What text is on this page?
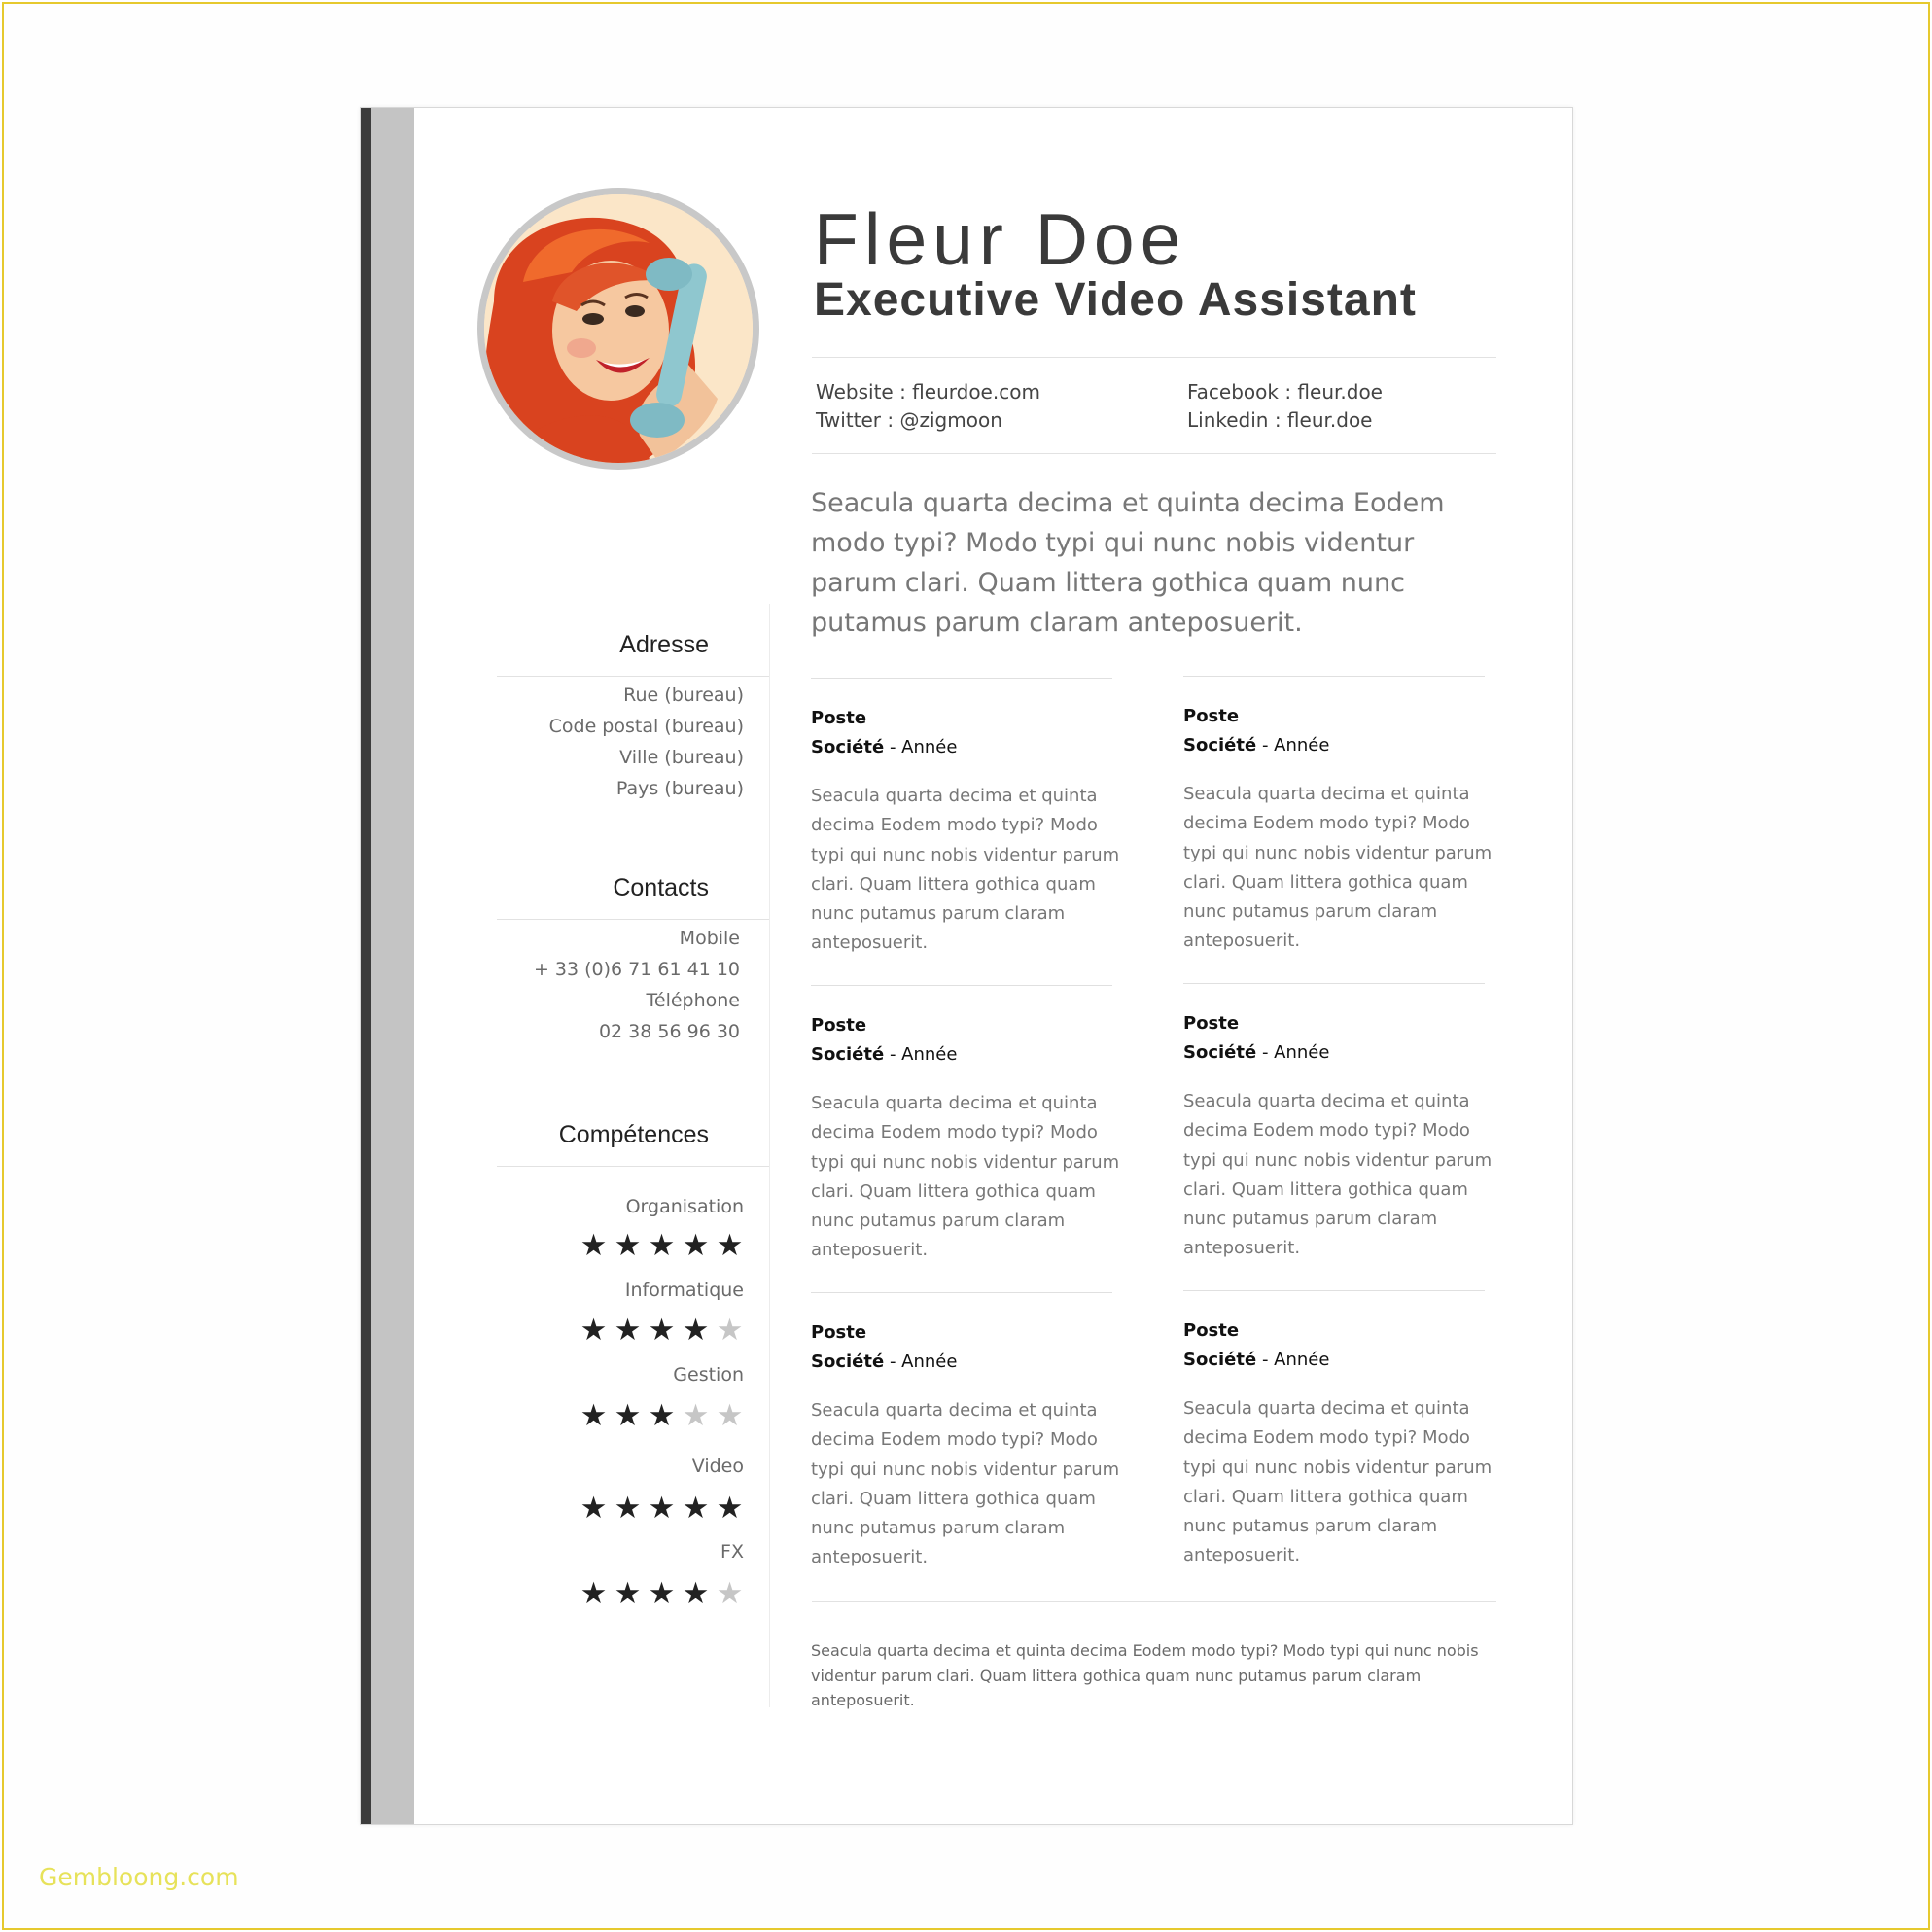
Fleur Doe
Executive Video Assistant
Website : fleurdoe.com
Twitter : @zigmoon
Facebook : fleur.doe
Linkedin : fleur.doe
Seacula quarta decima et quinta decima Eodem modo typi? Modo typi qui nunc nobis videntur parum clari. Quam littera gothica quam nunc putamus parum claram anteposuerit.
Adresse
Rue (bureau)
Code postal (bureau)
Ville (bureau)
Pays (bureau)
Contacts
Mobile
+ 33 (0)6 71 61 41 10
Téléphone
02 38 56 96 30
Compétences
Organisation
★ ★ ★ ★ ★
Informatique
★ ★ ★ ★ ★
Gestion
★ ★ ★ ★ ★
Video
★ ★ ★ ★ ★
FX
★ ★ ★ ★ ★
Poste
Société - Année
Seacula quarta decima et quinta decima Eodem modo typi? Modo typi qui nunc nobis videntur parum clari. Quam littera gothica quam nunc putamus parum claram anteposuerit.
Poste
Société - Année
Seacula quarta decima et quinta decima Eodem modo typi? Modo typi qui nunc nobis videntur parum clari. Quam littera gothica quam nunc putamus parum claram anteposuerit.
Poste
Société - Année
Seacula quarta decima et quinta decima Eodem modo typi? Modo typi qui nunc nobis videntur parum clari. Quam littera gothica quam nunc putamus parum claram anteposuerit.
Poste
Société - Année
Seacula quarta decima et quinta decima Eodem modo typi? Modo typi qui nunc nobis videntur parum clari. Quam littera gothica quam nunc putamus parum claram anteposuerit.
Poste
Société - Année
Seacula quarta decima et quinta decima Eodem modo typi? Modo typi qui nunc nobis videntur parum clari. Quam littera gothica quam nunc putamus parum claram anteposuerit.
Poste
Société - Année
Seacula quarta decima et quinta decima Eodem modo typi? Modo typi qui nunc nobis videntur parum clari. Quam littera gothica quam nunc putamus parum claram anteposuerit.
Seacula quarta decima et quinta decima Eodem modo typi? Modo typi qui nunc nobis videntur parum clari. Quam littera gothica quam nunc putamus parum claram anteposuerit.
Gembloong.com
